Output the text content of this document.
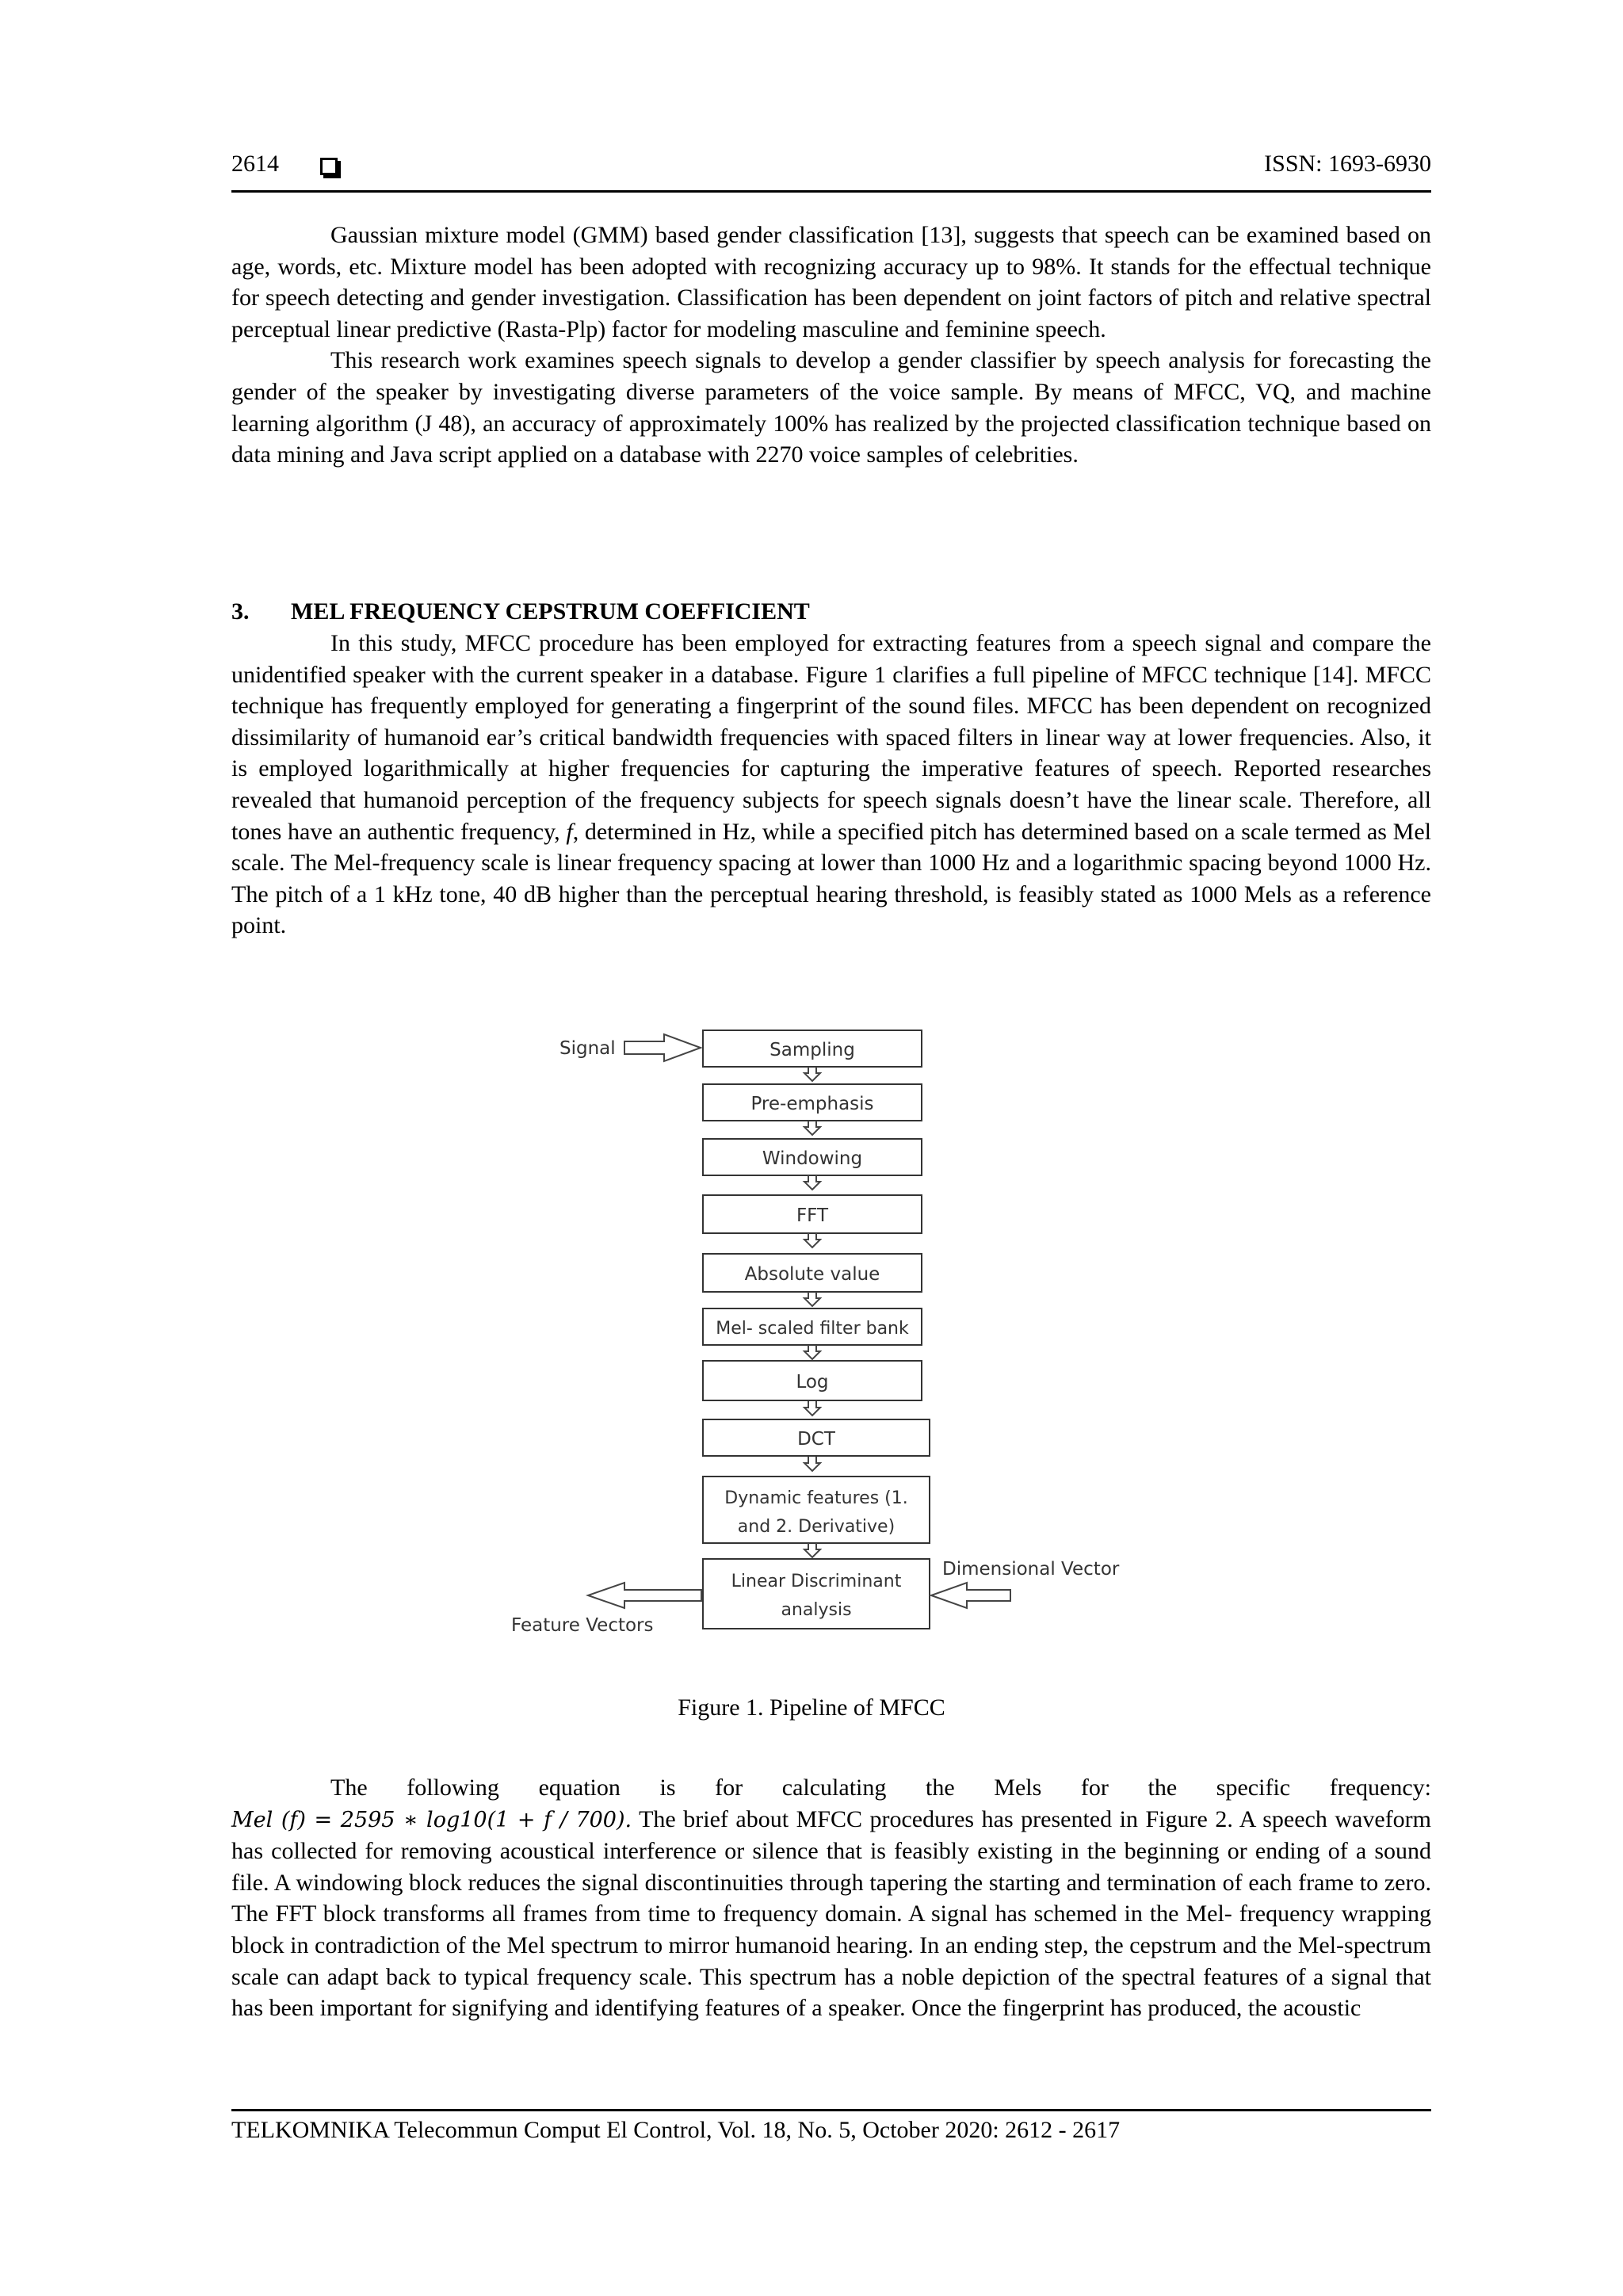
2614	ISSN: 1693-6930

Gaussian mixture model (GMM) based gender classification [13], suggests that speech can be examined based on age, words, etc. Mixture model has been adopted with recognizing accuracy up to 98%. It stands for the effectual technique for speech detecting and gender investigation. Classification has been dependent on joint factors of pitch and relative spectral perceptual linear predictive (Rasta-Plp) factor for modeling masculine and feminine speech.

This research work examines speech signals to develop a gender classifier by speech analysis for forecasting the gender of the speaker by investigating diverse parameters of the voice sample. By means of MFCC, VQ, and machine learning algorithm (J 48), an accuracy of approximately 100% has realized by the projected classification technique based on data mining and Java script applied on a database with 2270 voice samples of celebrities.

3. MEL FREQUENCY CEPSTRUM COEFFICIENT

In this study, MFCC procedure has been employed for extracting features from a speech signal and compare the unidentified speaker with the current speaker in a database. Figure 1 clarifies a full pipeline of MFCC technique [14]. MFCC technique has frequently employed for generating a fingerprint of the sound files. MFCC has been dependent on recognized dissimilarity of humanoid ear’s critical bandwidth frequencies with spaced filters in linear way at lower frequencies. Also, it is employed logarithmically at higher frequencies for capturing the imperative features of speech. Reported researches revealed that humanoid perception of the frequency subjects for speech signals doesn’t have the linear scale. Therefore, all tones have an authentic frequency, f, determined in Hz, while a specified pitch has determined based on a scale termed as Mel scale. The Mel-frequency scale is linear frequency spacing at lower than 1000 Hz and a logarithmic spacing beyond 1000 Hz. The pitch of a 1 kHz tone, 40 dB higher than the perceptual hearing threshold, is feasibly stated as 1000 Mels as a reference point.

Signal	Sampling
Pre-emphasis
Windowing
FFT
Absolute value
Mel- scaled filter bank
Log
DCT
Dynamic features (1.
and 2. Derivative)
Linear Discriminant
analysis
Feature Vectors
Dimensional Vector
Figure 1. Pipeline of MFCC

The following equation is for calculating the Mels for the specific frequency:

Mel (f) = 2595 ∗ log10(1 + f / 700). The brief about MFCC procedures has presented in Figure 2. A speech waveform has collected for removing acoustical interference or silence that is feasibly existing in the beginning or ending of a sound file. A windowing block reduces the signal discontinuities through tapering the starting and termination of each frame to zero. The FFT block transforms all frames from time to frequency domain. A signal has schemed in the Mel- frequency wrapping block in contradiction of the Mel spectrum to mirror humanoid hearing. In an ending step, the cepstrum and the Mel-spectrum scale can adapt back to typical frequency scale. This spectrum has a noble depiction of the spectral features of a signal that has been important for signifying and identifying features of a speaker. Once the fingerprint has produced, the acoustic

TELKOMNIKA Telecommun Comput El Control, Vol. 18, No. 5, October 2020: 2612 - 2617
